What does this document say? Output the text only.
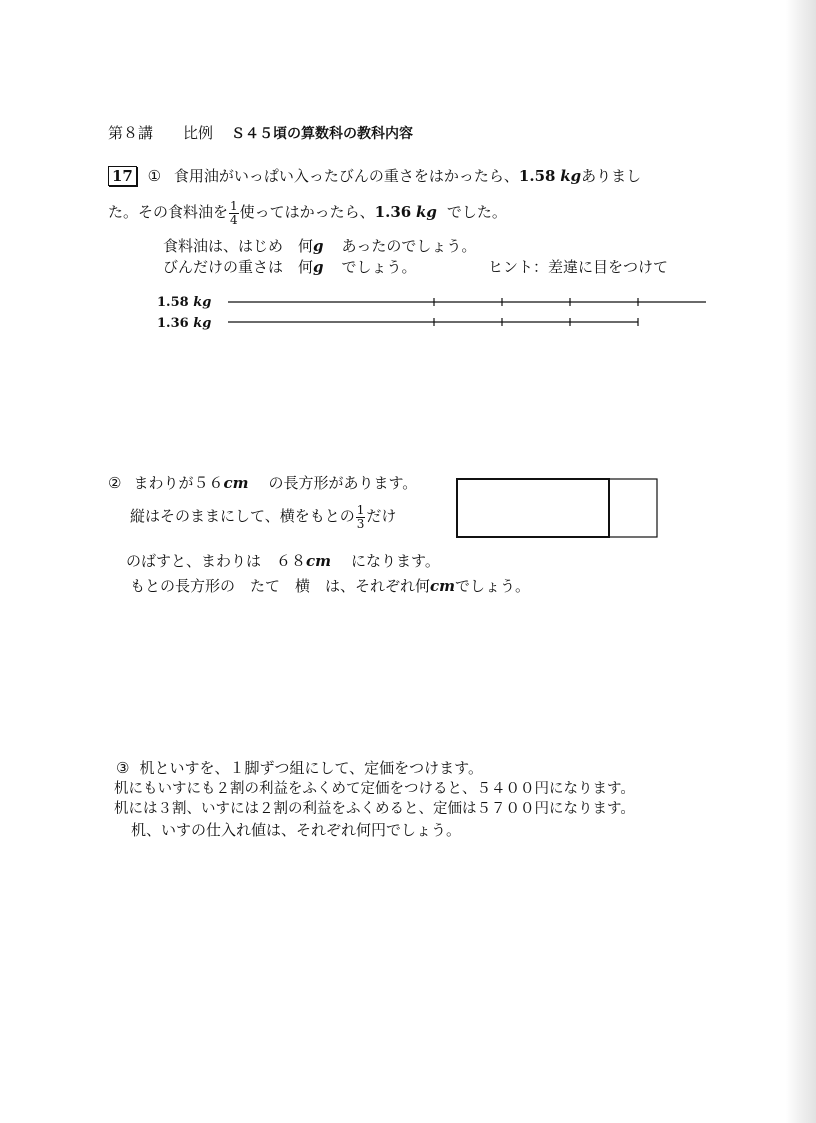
第８講 比例 Ｓ４５頃の算数科の教科内容
17 ① 食用油がいっぱい入ったびんの重さをはかったら、1.58 kgありまし
た。その食料油を $\frac{1}{4}$ 使ってはかったら、1.36 kg でした。
食料油は、はじめ　何g あったのでしょう。
びんだけの重さは　何g でしょう。	ヒント：差違に目をつけて
1.58 kg
1.36 kg
② まわりが５６cm の長方形があります。
縦はそのままにして、横をもとの $\frac{1}{3}$ だけ
のばすと、まわりは　６８cm になります。
もとの長方形の　たて　横　は、それぞれ何cmでしょう。
③ 机といすを、１脚ずつ組にして、定価をつけます。
机にもいすにも２割の利益をふくめて定価をつけると、５４００円になります。
机には３割、いすには２割の利益をふくめると、定価は５７００円になります。
机、いすの仕入れ値は、それぞれ何円でしょう。
